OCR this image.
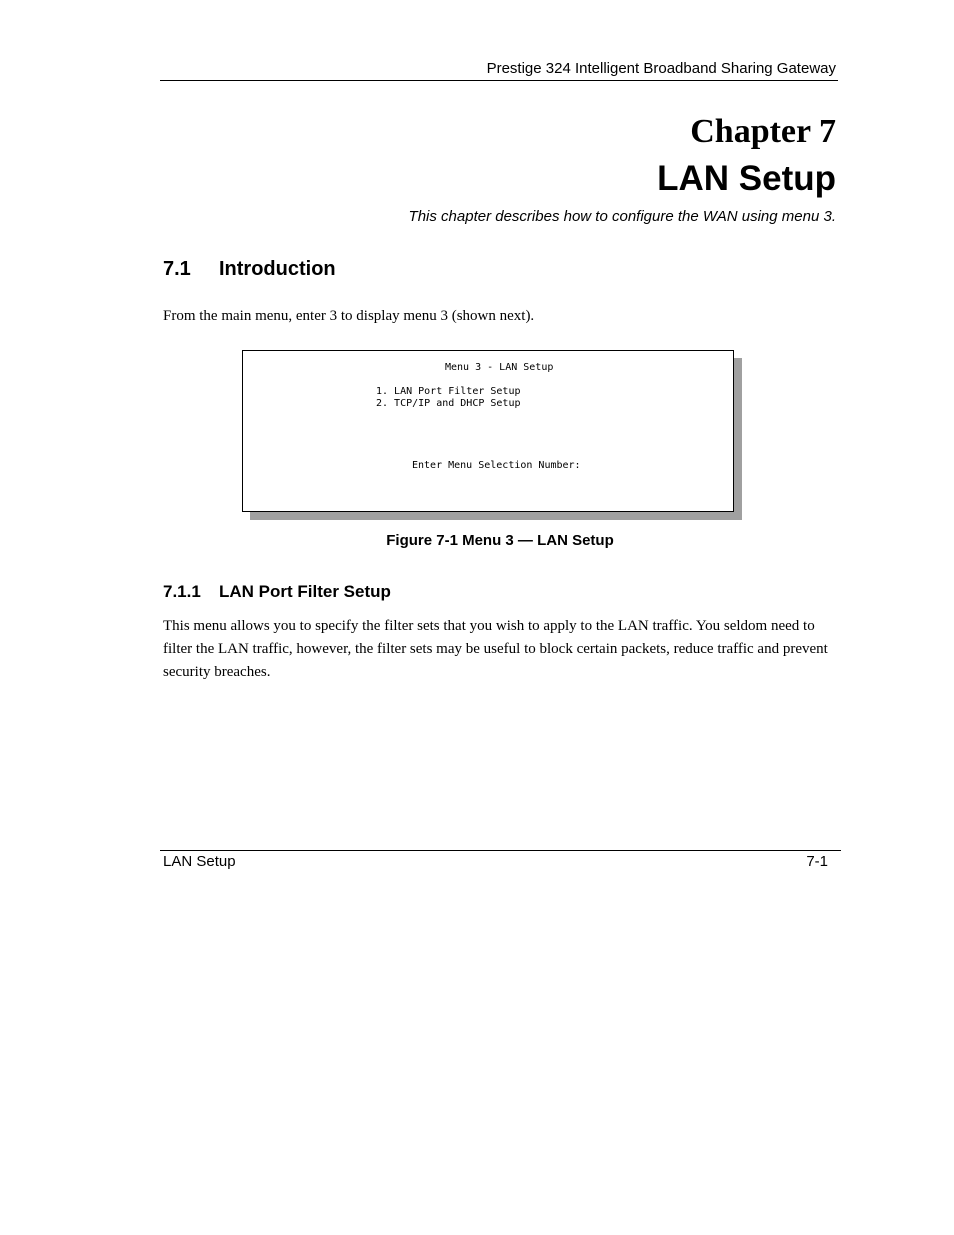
Prestige 324 Intelligent Broadband Sharing Gateway
Chapter 7
LAN Setup
This chapter describes how to configure the WAN using menu 3.
7.1 Introduction
From the main menu, enter 3 to display menu 3 (shown next).
Menu 3 - LAN Setup
1. LAN Port Filter Setup
2. TCP/IP and DHCP Setup
Enter Menu Selection Number:
Figure 7-1 Menu 3 — LAN Setup
7.1.1 LAN Port Filter Setup
This menu allows you to specify the filter sets that you wish to apply to the LAN traffic. You seldom need to filter the LAN traffic, however, the filter sets may be useful to block certain packets, reduce traffic and prevent security breaches.
LAN Setup	7-1
